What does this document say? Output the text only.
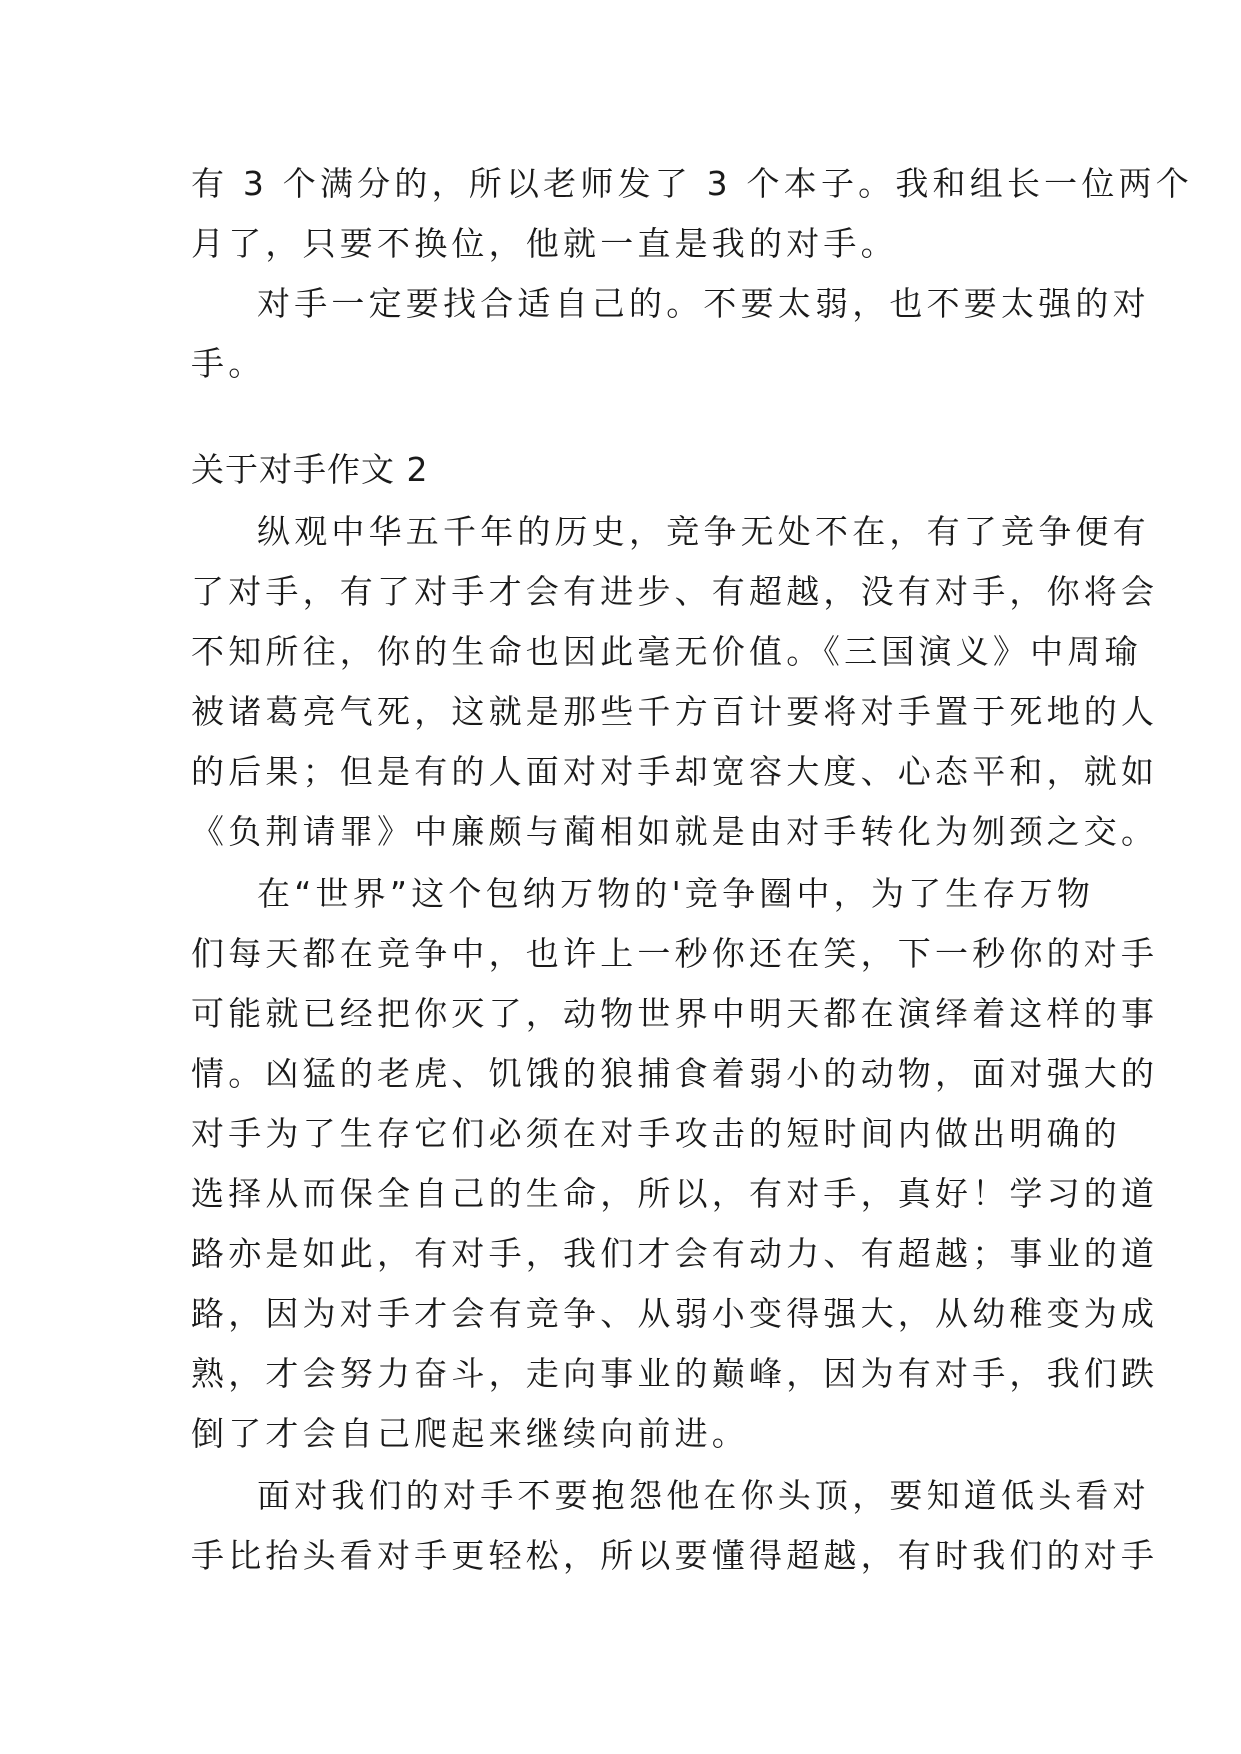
有 3 个满分的，所以老师发了 3 个本子。我和组长一位两个
月了，只要不换位，他就一直是我的对手。
对手一定要找合适自己的。不要太弱，也不要太强的对
手。
关于对手作文 2
纵观中华五千年的历史，竞争无处不在，有了竞争便有
了对手，有了对手才会有进步、有超越，没有对手，你将会
不知所往，你的生命也因此毫无价值。《三国演义》中周瑜
被诸葛亮气死，这就是那些千方百计要将对手置于死地的人
的后果；但是有的人面对对手却宽容大度、心态平和，就如
《负荆请罪》中廉颇与蔺相如就是由对手转化为刎颈之交。
在“世界”这个包纳万物的'竞争圈中，为了生存万物
们每天都在竞争中，也许上一秒你还在笑，下一秒你的对手
可能就已经把你灭了，动物世界中明天都在演绎着这样的事
情。凶猛的老虎、饥饿的狼捕食着弱小的动物，面对强大的
对手为了生存它们必须在对手攻击的短时间内做出明确的
选择从而保全自己的生命，所以，有对手，真好！学习的道
路亦是如此，有对手，我们才会有动力、有超越；事业的道
路，因为对手才会有竞争、从弱小变得强大，从幼稚变为成
熟，才会努力奋斗，走向事业的巅峰，因为有对手，我们跌
倒了才会自己爬起来继续向前进。
面对我们的对手不要抱怨他在你头顶，要知道低头看对
手比抬头看对手更轻松，所以要懂得超越，有时我们的对手
